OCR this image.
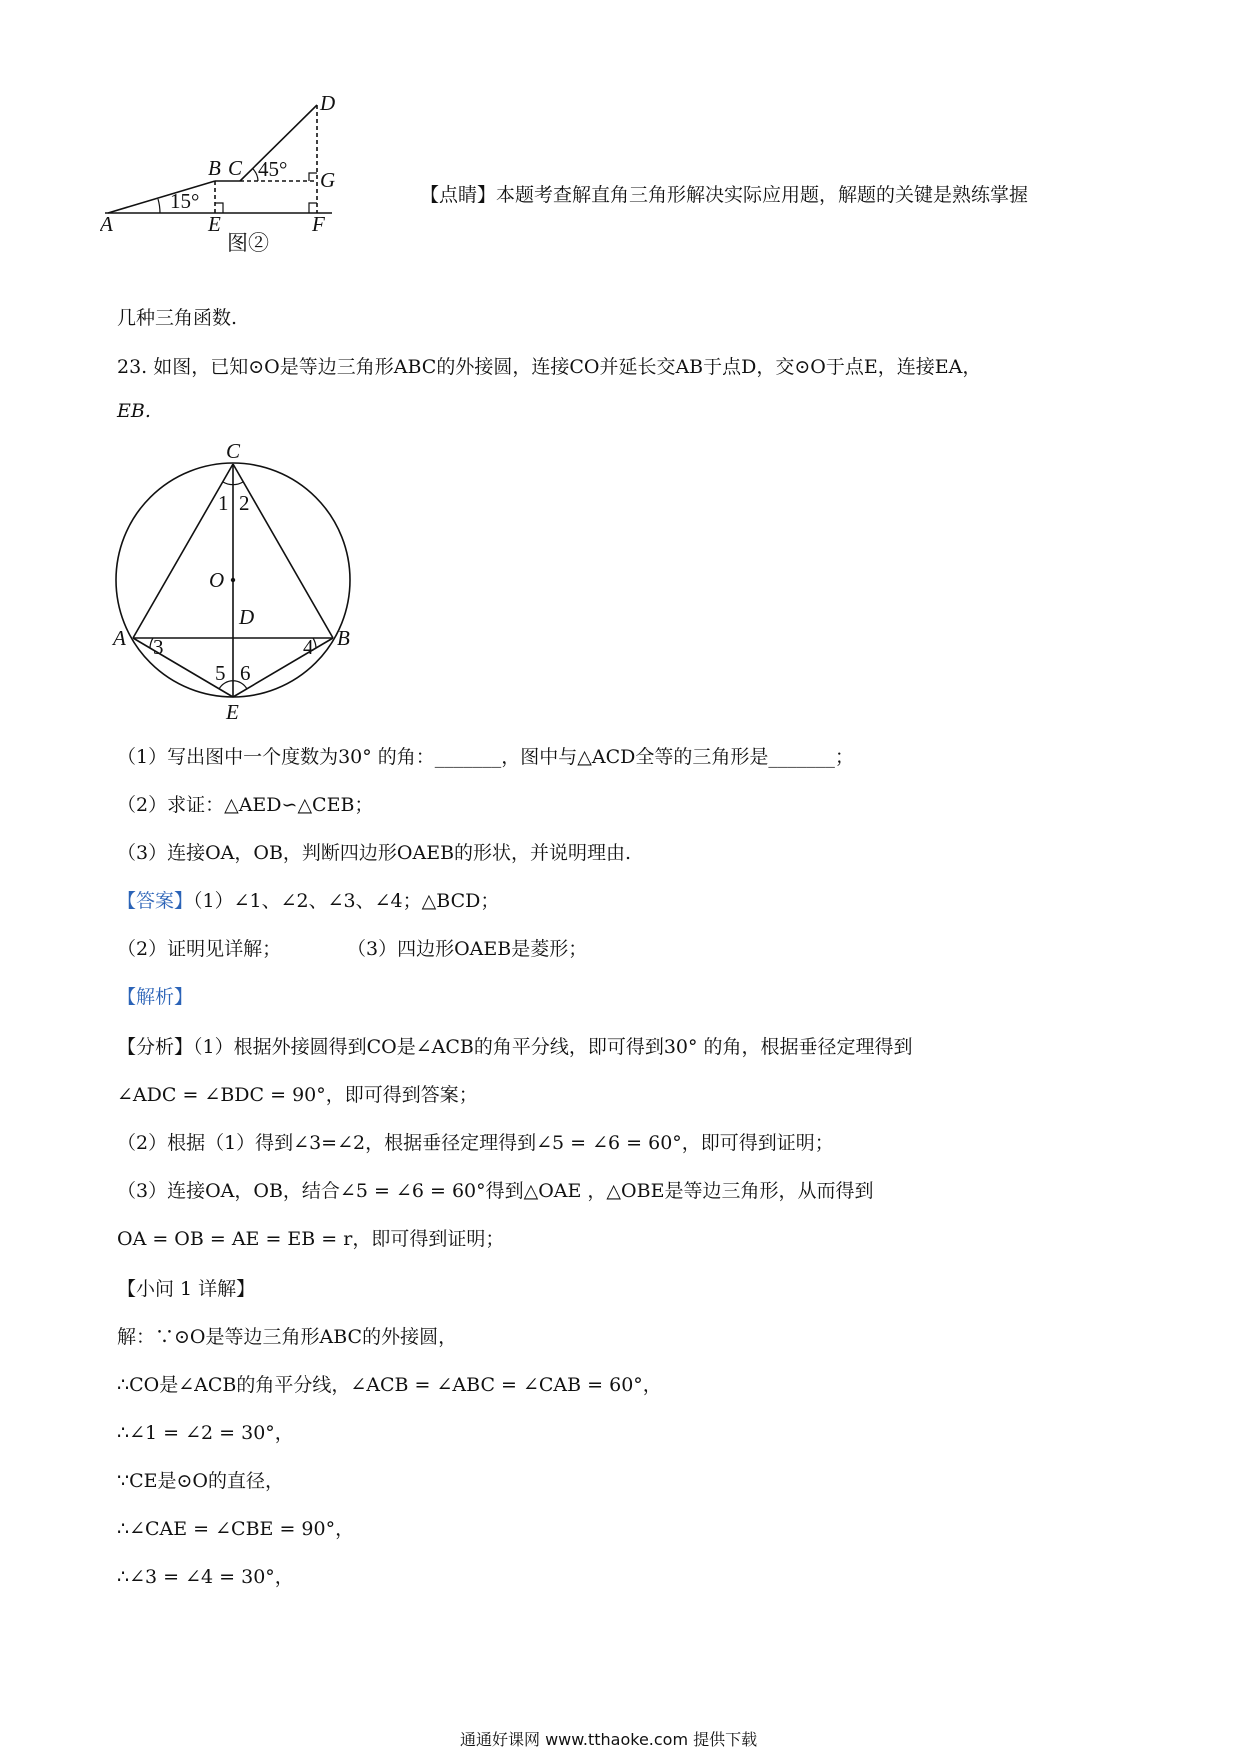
A
B C
D
E	F
G
15°
45°
图②
【点睛】本题考查解直角三角形解决实际应用题，解题的关键是熟练掌握
几种三角函数.
23. 如图，已知⊙O是等边三角形ABC的外接圆，连接CO并延长交AB于点D，交⊙O于点E，连接EA，
EB.
C
O
D
A	B
E
1 2
3	4
5 6
（1）写出图中一个度数为30° 的角：_______，图中与△ACD全等的三角形是_______；
（2）求证：△AED∽△CEB；
（3）连接OA，OB，判断四边形OAEB的形状，并说明理由.
【答案】（1）∠1、∠2、∠3、∠4；△BCD；
（2）证明见详解；	（3）四边形OAEB是菱形；
【解析】
【分析】（1）根据外接圆得到CO是∠ACB的角平分线，即可得到30° 的角，根据垂径定理得到
∠ADC = ∠BDC = 90°，即可得到答案；
（2）根据（1）得到∠3=∠2，根据垂径定理得到∠5 = ∠6 = 60°，即可得到证明；
（3）连接OA，OB，结合∠5 = ∠6 = 60°得到△OAE ，△OBE是等边三角形，从而得到
OA = OB = AE = EB = r，即可得到证明；
【小问 1 详解】
解：∵⊙O是等边三角形ABC的外接圆，
∴CO是∠ACB的角平分线，∠ACB = ∠ABC = ∠CAB = 60°，
∴∠1 = ∠2 = 30°，
∵CE是⊙O的直径，
∴∠CAE = ∠CBE = 90°，
∴∠3 = ∠4 = 30°，
通通好课网 www.tthaoke.com 提供下载
